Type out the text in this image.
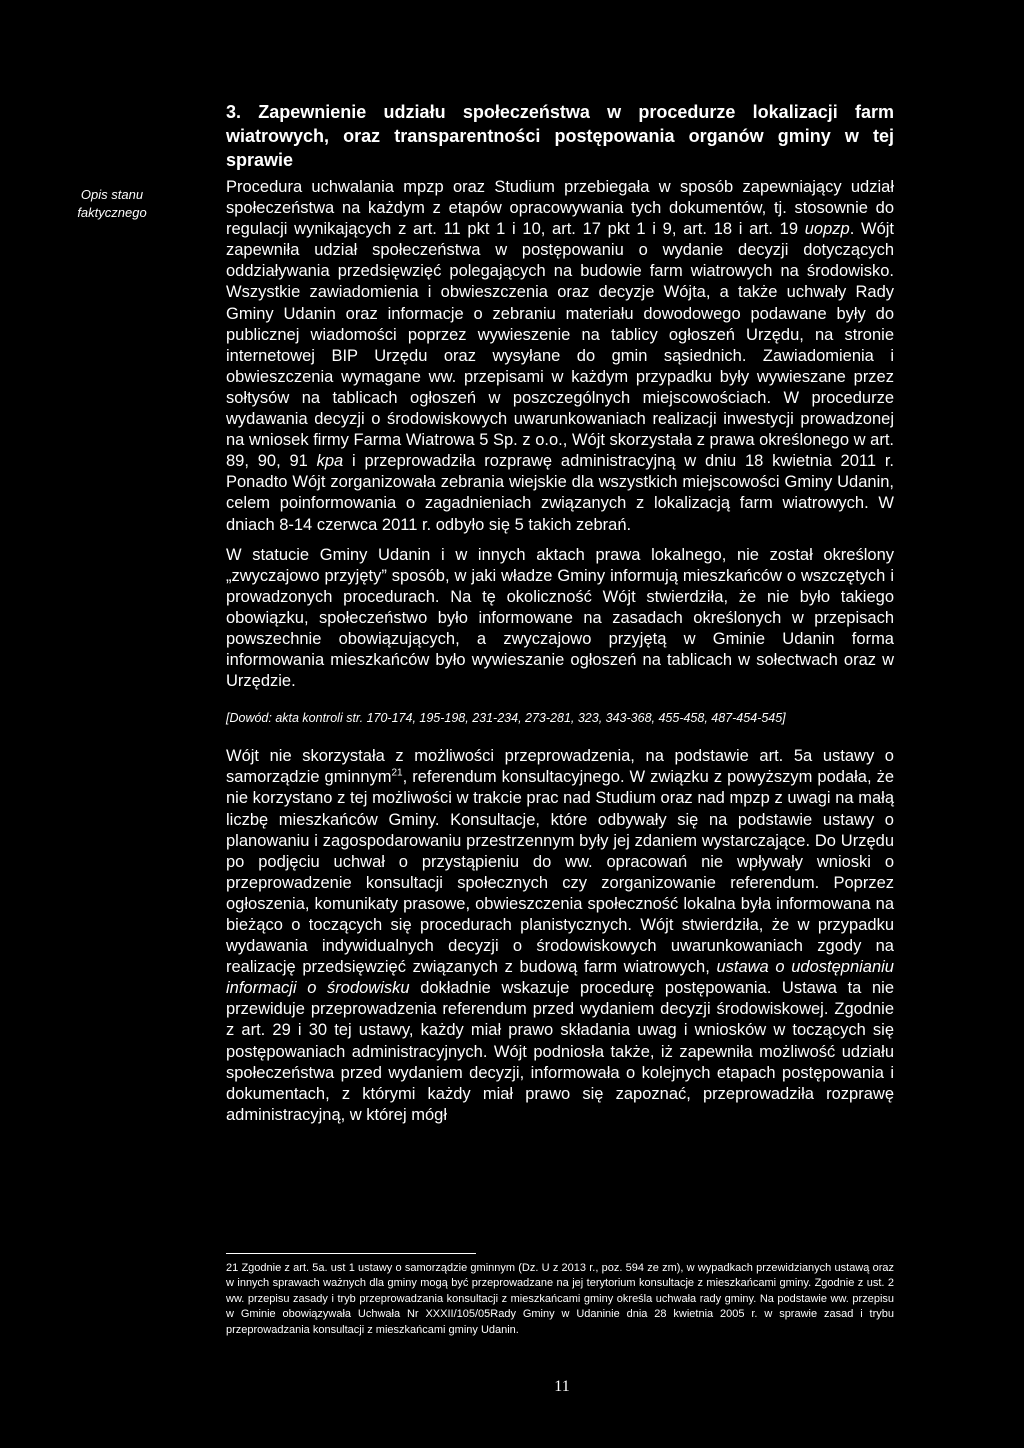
Opis stanu
faktycznego
3. Zapewnienie udziału społeczeństwa w procedurze lokalizacji farm wiatrowych, oraz transparentności postępowania organów gminy w tej sprawie

Procedura uchwalania mpzp oraz Studium przebiegała w sposób zapewniający udział społeczeństwa na każdym z etapów opracowywania tych dokumentów, tj. stosownie do regulacji wynikających z art. 11 pkt 1 i 10, art. 17 pkt 1 i 9, art. 18 i art. 19 uopzp. Wójt zapewniła udział społeczeństwa w postępowaniu o wydanie decyzji dotyczących oddziaływania przedsięwzięć polegających na budowie farm wiatrowych na środowisko. Wszystkie zawiadomienia i obwieszczenia oraz decyzje Wójta, a także uchwały Rady Gminy Udanin oraz informacje o zebraniu materiału dowodowego podawane były do publicznej wiadomości poprzez wywieszenie na tablicy ogłoszeń Urzędu, na stronie internetowej BIP Urzędu oraz wysyłane do gmin sąsiednich. Zawiadomienia i obwieszczenia wymagane ww. przepisami w każdym przypadku były wywieszane przez sołtysów na tablicach ogłoszeń w poszczególnych miejscowościach. W procedurze wydawania decyzji o środowiskowych uwarunkowaniach realizacji inwestycji prowadzonej na wniosek firmy Farma Wiatrowa 5 Sp. z o.o., Wójt skorzystała z prawa określonego w art. 89, 90, 91 kpa i przeprowadziła rozprawę administracyjną w dniu 18 kwietnia 2011 r. Ponadto Wójt zorganizowała zebrania wiejskie dla wszystkich miejscowości Gminy Udanin, celem poinformowania o zagadnieniach związanych z lokalizacją farm wiatrowych. W dniach 8-14 czerwca 2011 r. odbyło się 5 takich zebrań.

W statucie Gminy Udanin i w innych aktach prawa lokalnego, nie został określony „zwyczajowo przyjęty” sposób, w jaki władze Gminy informują mieszkańców o wszczętych i prowadzonych procedurach. Na tę okoliczność Wójt stwierdziła, że nie było takiego obowiązku, społeczeństwo było informowane na zasadach określonych w przepisach powszechnie obowiązujących, a zwyczajowo przyjętą w Gminie Udanin forma informowania mieszkańców było wywieszanie ogłoszeń na tablicach w sołectwach oraz w Urzędzie.

[Dowód: akta kontroli str. 170-174, 195-198, 231-234, 273-281, 323, 343-368, 455-458, 487-454-545]

Wójt nie skorzystała z możliwości przeprowadzenia, na podstawie art. 5a ustawy o samorządzie gminnym$^{21}$, referendum konsultacyjnego. W związku z powyższym podała, że nie korzystano z tej możliwości w trakcie prac nad Studium oraz nad mpzp z uwagi na małą liczbę mieszkańców Gminy. Konsultacje, które odbywały się na podstawie ustawy o planowaniu i zagospodarowaniu przestrzennym były jej zdaniem wystarczające. Do Urzędu po podjęciu uchwał o przystąpieniu do ww. opracowań nie wpływały wnioski o przeprowadzenie konsultacji społecznych czy zorganizowanie referendum. Poprzez ogłoszenia, komunikaty prasowe, obwieszczenia społeczność lokalna była informowana na bieżąco o toczących się procedurach planistycznych. Wójt stwierdziła, że w przypadku wydawania indywidualnych decyzji o środowiskowych uwarunkowaniach zgody na realizację przedsięwzięć związanych z budową farm wiatrowych, ustawa o udostępnianiu informacji o środowisku dokładnie wskazuje procedurę postępowania. Ustawa ta nie przewiduje przeprowadzenia referendum przed wydaniem decyzji środowiskowej. Zgodnie z art. 29 i 30 tej ustawy, każdy miał prawo składania uwag i wniosków w toczących się postępowaniach administracyjnych. Wójt podniosła także, iż zapewniła możliwość udziału społeczeństwa przed wydaniem decyzji, informowała o kolejnych etapach postępowania i dokumentach, z którymi każdy miał prawo się zapoznać, przeprowadziła rozprawę administracyjną, w której mógł

21 Zgodnie z art. 5a. ust 1 ustawy o samorządzie gminnym (Dz. U z 2013 r., poz. 594 ze zm), w wypadkach przewidzianych ustawą oraz w innych sprawach ważnych dla gminy mogą być przeprowadzane na jej terytorium konsultacje z mieszkańcami gminy. Zgodnie z ust. 2 ww. przepisu zasady i tryb przeprowadzania konsultacji z mieszkańcami gminy określa uchwała rady gminy. Na podstawie ww. przepisu w Gminie obowiązywała Uchwała Nr XXXII/105/05Rady Gminy w Udaninie dnia 28 kwietnia 2005 r. w sprawie zasad i trybu przeprowadzania konsultacji z mieszkańcami gminy Udanin.
11
